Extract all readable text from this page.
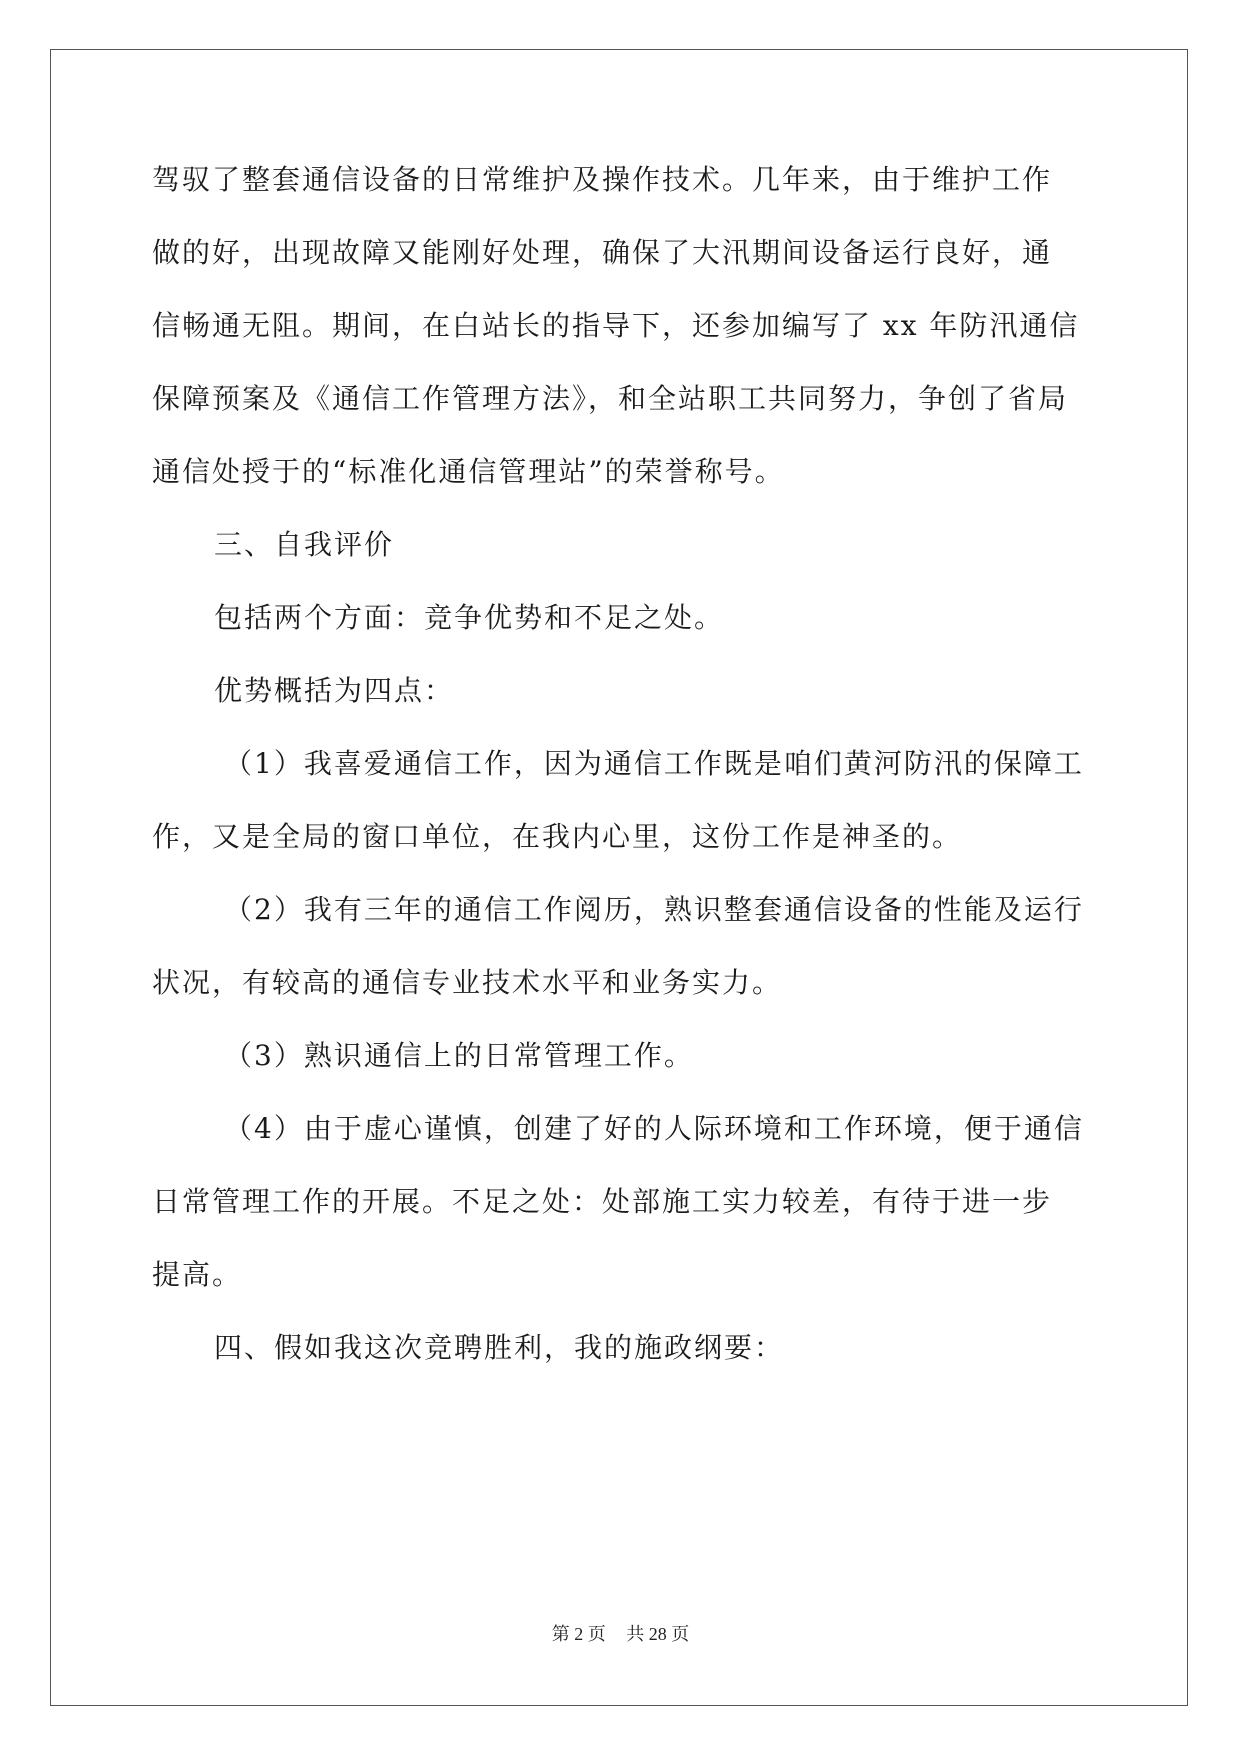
驾驭了整套通信设备的日常维护及操作技术。几年来，由于维护工作
做的好，出现故障又能刚好处理，确保了大汛期间设备运行良好，通
信畅通无阻。期间，在白站长的指导下，还参加编写了 xx 年防汛通信
保障预案及《通信工作管理方法》，和全站职工共同努力，争创了省局
通信处授于的“标准化通信管理站”的荣誉称号。
三、自我评价
包括两个方面：竞争优势和不足之处。
优势概括为四点：
（1）我喜爱通信工作，因为通信工作既是咱们黄河防汛的保障工
作，又是全局的窗口单位，在我内心里，这份工作是神圣的。
（2）我有三年的通信工作阅历，熟识整套通信设备的性能及运行
状况，有较高的通信专业技术水平和业务实力。
（3）熟识通信上的日常管理工作。
（4）由于虚心谨慎，创建了好的人际环境和工作环境，便于通信
日常管理工作的开展。不足之处：处部施工实力较差，有待于进一步
提高。
四、假如我这次竞聘胜利，我的施政纲要：
第 2 页 共 28 页
